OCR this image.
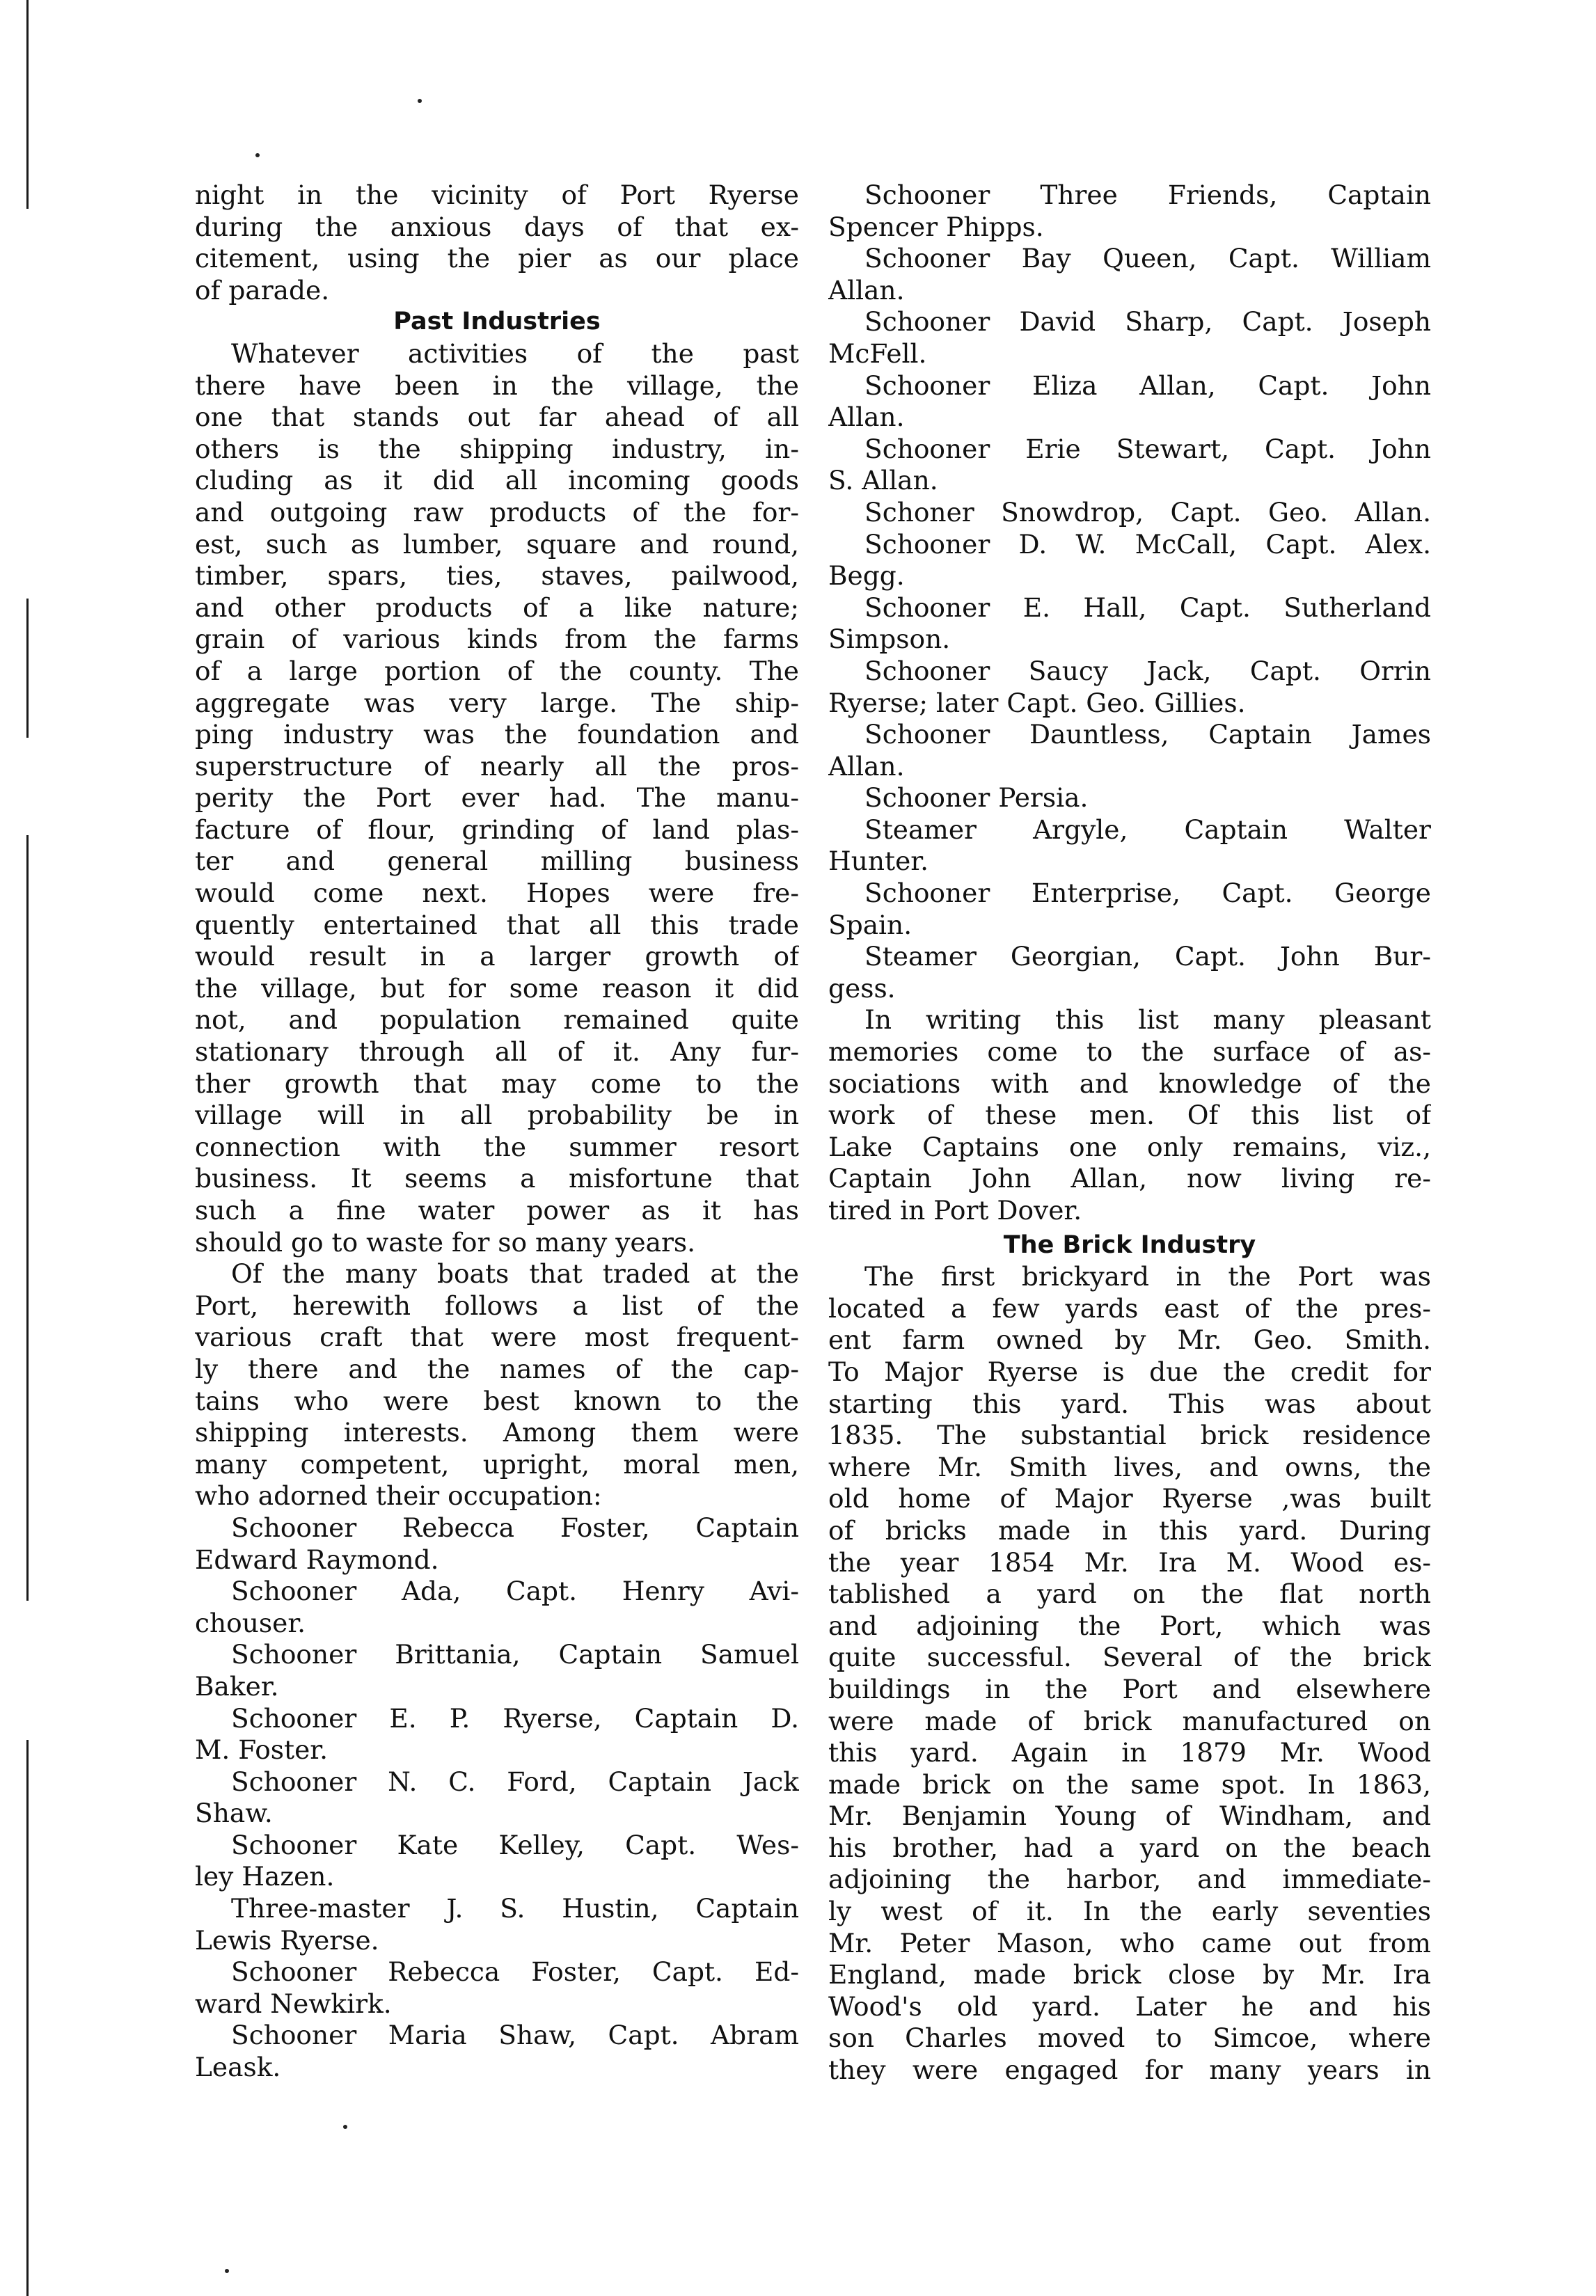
night in the vicinity of Port Ryerse
during the anxious days of that ex-
citement, using the pier as our place
of parade.
Past Industries
Whatever activities of the past
there have been in the village, the
one that stands out far ahead of all
others is the shipping industry, in-
cluding as it did all incoming goods
and outgoing raw products of the for-
est, such as lumber, square and round,
timber, spars, ties, staves, pailwood,
and other products of a like nature;
grain of various kinds from the farms
of a large portion of the county. The
aggregate was very large. The ship-
ping industry was the foundation and
superstructure of nearly all the pros-
perity the Port ever had. The manu-
facture of flour, grinding of land plas-
ter and general milling business
would come next. Hopes were fre-
quently entertained that all this trade
would result in a larger growth of
the village, but for some reason it did
not, and population remained quite
stationary through all of it. Any fur-
ther growth that may come to the
village will in all probability be in
connection with the summer resort
business. It seems a misfortune that
such a fine water power as it has
should go to waste for so many years.
Of the many boats that traded at the
Port, herewith follows a list of the
various craft that were most frequent-
ly there and the names of the cap-
tains who were best known to the
shipping interests. Among them were
many competent, upright, moral men,
who adorned their occupation:
Schooner Rebecca Foster, Captain
Edward Raymond.
Schooner Ada, Capt. Henry Avi-
chouser.
Schooner Brittania, Captain Samuel
Baker.
Schooner E. P. Ryerse, Captain D.
M. Foster.
Schooner N. C. Ford, Captain Jack
Shaw.
Schooner Kate Kelley, Capt. Wes-
ley Hazen.
Three-master J. S. Hustin, Captain
Lewis Ryerse.
Schooner Rebecca Foster, Capt. Ed-
ward Newkirk.
Schooner Maria Shaw, Capt. Abram
Leask.
Schooner Three Friends, Captain
Spencer Phipps.
Schooner Bay Queen, Capt. William
Allan.
Schooner David Sharp, Capt. Joseph
McFell.
Schooner Eliza Allan, Capt. John
Allan.
Schooner Erie Stewart, Capt. John
S. Allan.
Schoner Snowdrop, Capt. Geo. Allan.
Schooner D. W. McCall, Capt. Alex.
Begg.
Schooner E. Hall, Capt. Sutherland
Simpson.
Schooner Saucy Jack, Capt. Orrin
Ryerse; later Capt. Geo. Gillies.
Schooner Dauntless, Captain James
Allan.
Schooner Persia.
Steamer Argyle, Captain Walter
Hunter.
Schooner Enterprise, Capt. George
Spain.
Steamer Georgian, Capt. John Bur-
gess.
In writing this list many pleasant
memories come to the surface of as-
sociations with and knowledge of the
work of these men. Of this list of
Lake Captains one only remains, viz.,
Captain John Allan, now living re-
tired in Port Dover.
The Brick Industry
The first brickyard in the Port was
located a few yards east of the pres-
ent farm owned by Mr. Geo. Smith.
To Major Ryerse is due the credit for
starting this yard. This was about
1835. The substantial brick residence
where Mr. Smith lives, and owns, the
old home of Major Ryerse ,was built
of bricks made in this yard. During
the year 1854 Mr. Ira M. Wood es-
tablished a yard on the flat north
and adjoining the Port, which was
quite successful. Several of the brick
buildings in the Port and elsewhere
were made of brick manufactured on
this yard. Again in 1879 Mr. Wood
made brick on the same spot. In 1863,
Mr. Benjamin Young of Windham, and
his brother, had a yard on the beach
adjoining the harbor, and immediate-
ly west of it. In the early seventies
Mr. Peter Mason, who came out from
England, made brick close by Mr. Ira
Wood's old yard. Later he and his
son Charles moved to Simcoe, where
they were engaged for many years in
